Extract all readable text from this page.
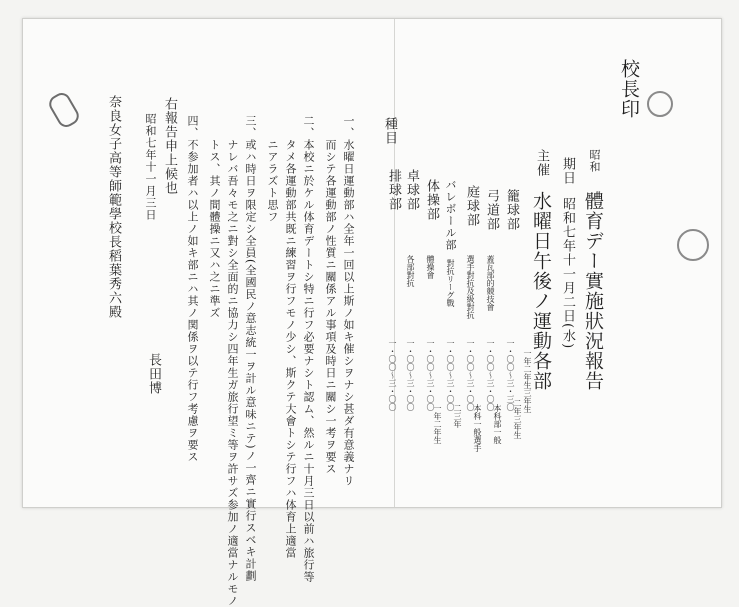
校長印
昭和
體育デー實施狀況報告
期日
昭和七年十一月二日(水)
主催
水曜日午後ノ運動各部
種目
籠球部
一・〇〇〜三・三〇
弓道部
蓋瓦部的競技會
一・〇〇〜三・〇〇
庭球部
選手對抗及級對抗
一・〇〇〜三・〇〇
バレボール部
對抗リーグ戰
一・〇〇〜三・〇〇
体操部
體操會
一・〇〇〜三・〇〇
卓球部
各部對抗
一・〇〇〜三・〇〇
排球部
一・〇〇〜三・〇〇	一年二年生三年生
二年三年生
本科部一般
本科一般選手
二三年
一年二年生
一、水曜日運動部ハ全年一回以上斯ノ如キ催シヲナシ甚ダ有意義ナリ
　　而シテ各運動部ノ性質ニ關係アル事項及時日ニ關シ一考ヲ要ス
二、本校ニ於ケル体育デートシ特ニ行フ必要ナシト認ム、然ルニ十月三日以前ハ旅行等
　　タメ各運動部共既ニ練習ヲ行フモノ少シ、斯クテ大會トシテ行フハ体育上適當
　　ニアラズト思フ
三、或ハ時日ヲ限定シ全員(全國民ノ意志統一ヲ計ル意味ニテ)ノ一齊ニ實行スベキ計劃
　　ナレバ吾々モ之ニ對シ全面的ニ協力シ四年生ガ旅行望ミ等ヲ許サズ参加ノ適當ナルモノ
　　トス、其ノ間體操ニ又ハ之ニ準ズ
四、不参加者ハ以上ノ如キ部ニハ其ノ関係ヲ以テ行フ考慮ヲ要ス
右報告申上候也
昭和七年十一月三日
長田博
奈良女子高等師範學校長稻葉秀六殿
